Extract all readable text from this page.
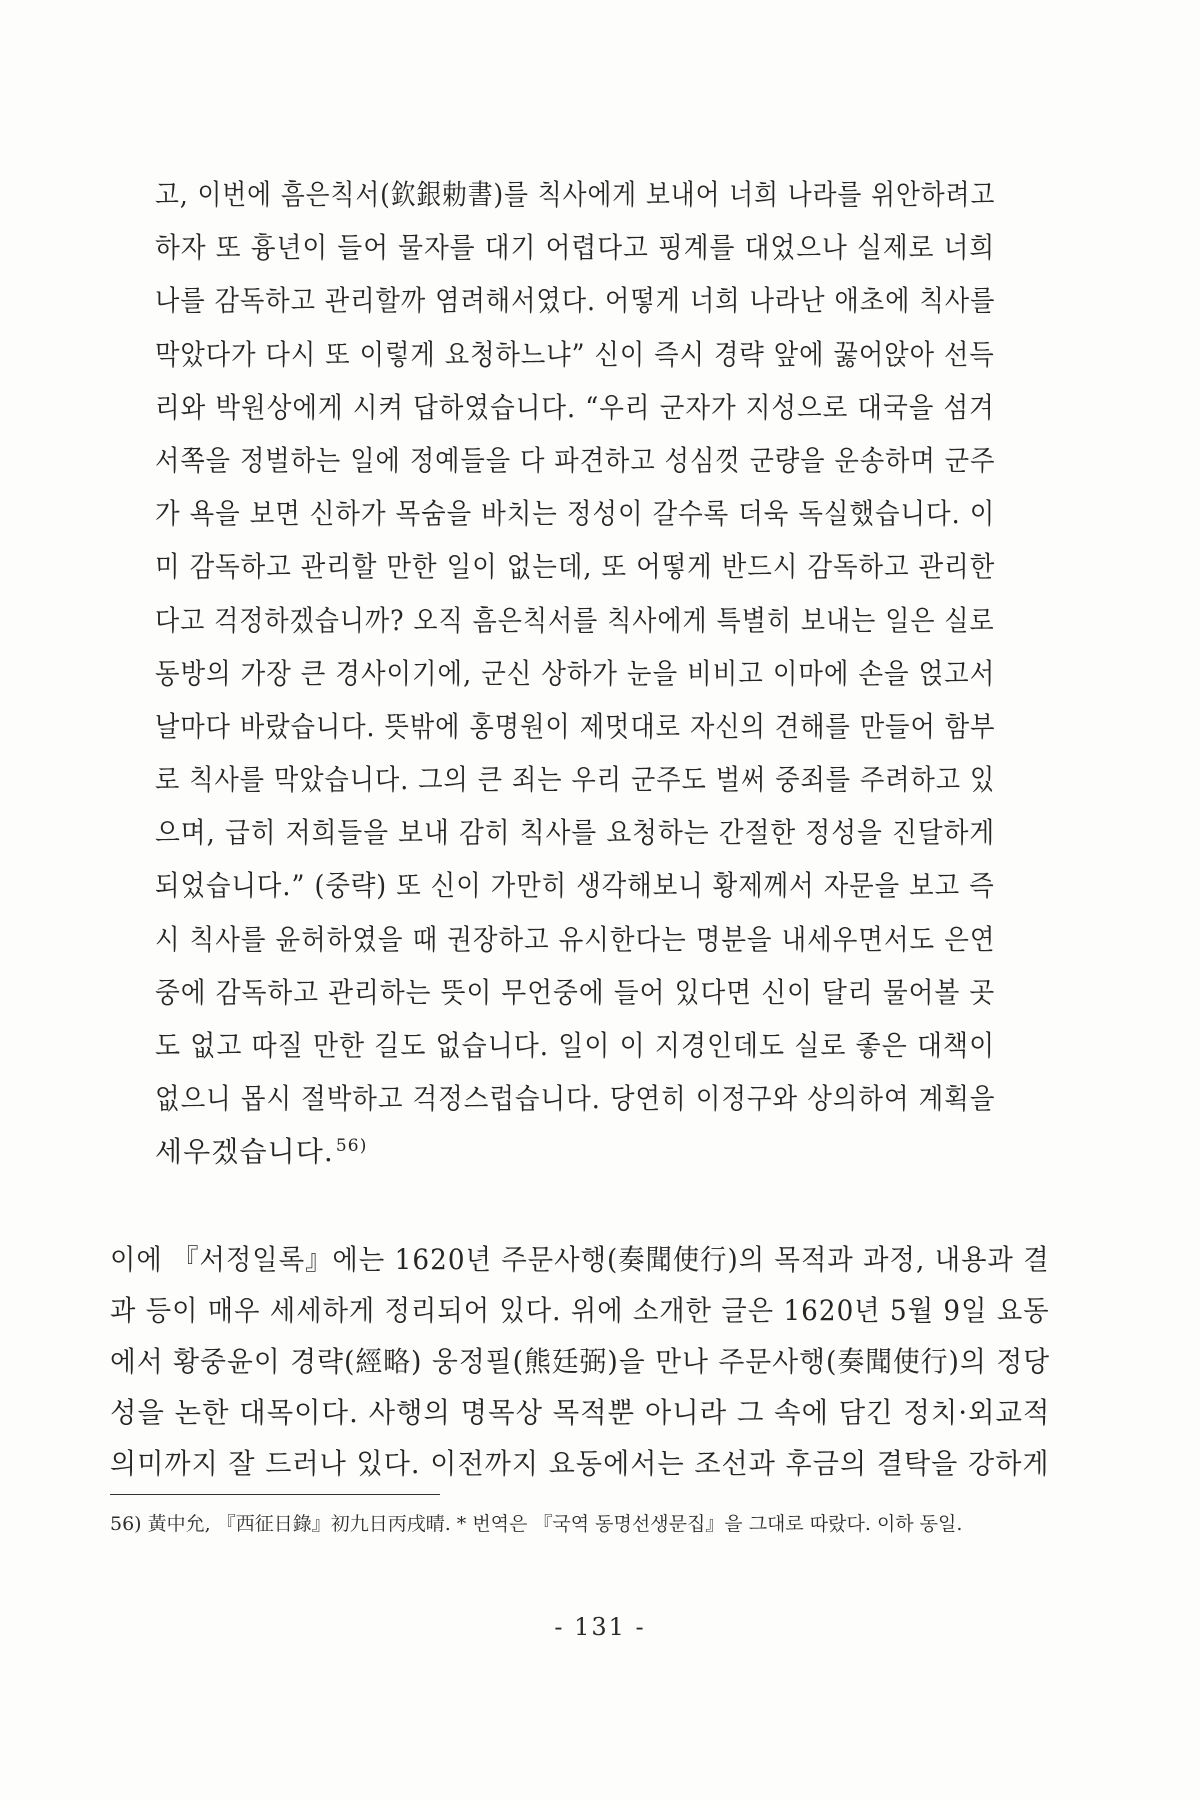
고, 이번에 흠은칙서(欽銀勅書)를 칙사에게 보내어 너희 나라를 위안하려고
하자 또 흉년이 들어 물자를 대기 어렵다고 핑계를 대었으나 실제로 너희
나를 감독하고 관리할까 염려해서였다. 어떻게 너희 나라난 애초에 칙사를
막았다가 다시 또 이렇게 요청하느냐” 신이 즉시 경략 앞에 꿇어앉아 선득
리와 박원상에게 시켜 답하였습니다. “우리 군자가 지성으로 대국을 섬겨
서쪽을 정벌하는 일에 정예들을 다 파견하고 성심껏 군량을 운송하며 군주
가 욕을 보면 신하가 목숨을 바치는 정성이 갈수록 더욱 독실했습니다. 이
미 감독하고 관리할 만한 일이 없는데, 또 어떻게 반드시 감독하고 관리한
다고 걱정하겠습니까? 오직 흠은칙서를 칙사에게 특별히 보내는 일은 실로
동방의 가장 큰 경사이기에, 군신 상하가 눈을 비비고 이마에 손을 얹고서
날마다 바랐습니다. 뜻밖에 홍명원이 제멋대로 자신의 견해를 만들어 함부
로 칙사를 막았습니다. 그의 큰 죄는 우리 군주도 벌써 중죄를 주려하고 있
으며, 급히 저희들을 보내 감히 칙사를 요청하는 간절한 정성을 진달하게
되었습니다.” (중략) 또 신이 가만히 생각해보니 황제께서 자문을 보고 즉
시 칙사를 윤허하였을 때 권장하고 유시한다는 명분을 내세우면서도 은연
중에 감독하고 관리하는 뜻이 무언중에 들어 있다면 신이 달리 물어볼 곳
도 없고 따질 만한 길도 없습니다. 일이 이 지경인데도 실로 좋은 대책이
없으니 몹시 절박하고 걱정스럽습니다. 당연히 이정구와 상의하여 계획을
세우겠습니다. $^{56)}$
이에 『서정일록』에는 1620년 주문사행(奏聞使行)의 목적과 과정, 내용과 결
과 등이 매우 세세하게 정리되어 있다. 위에 소개한 글은 1620년 5월 9일 요동
에서 황중윤이 경략(經略) 웅정필(熊廷弼)을 만나 주문사행(奏聞使行)의 정당
성을 논한 대목이다. 사행의 명목상 목적뿐 아니라 그 속에 담긴 정치·외교적
의미까지 잘 드러나 있다. 이전까지 요동에서는 조선과 후금의 결탁을 강하게
56) 黃中允, 『西征日錄』初九日丙戌晴. * 번역은 『국역 동명선생문집』을 그대로 따랐다. 이하 동일.
- 131 -
